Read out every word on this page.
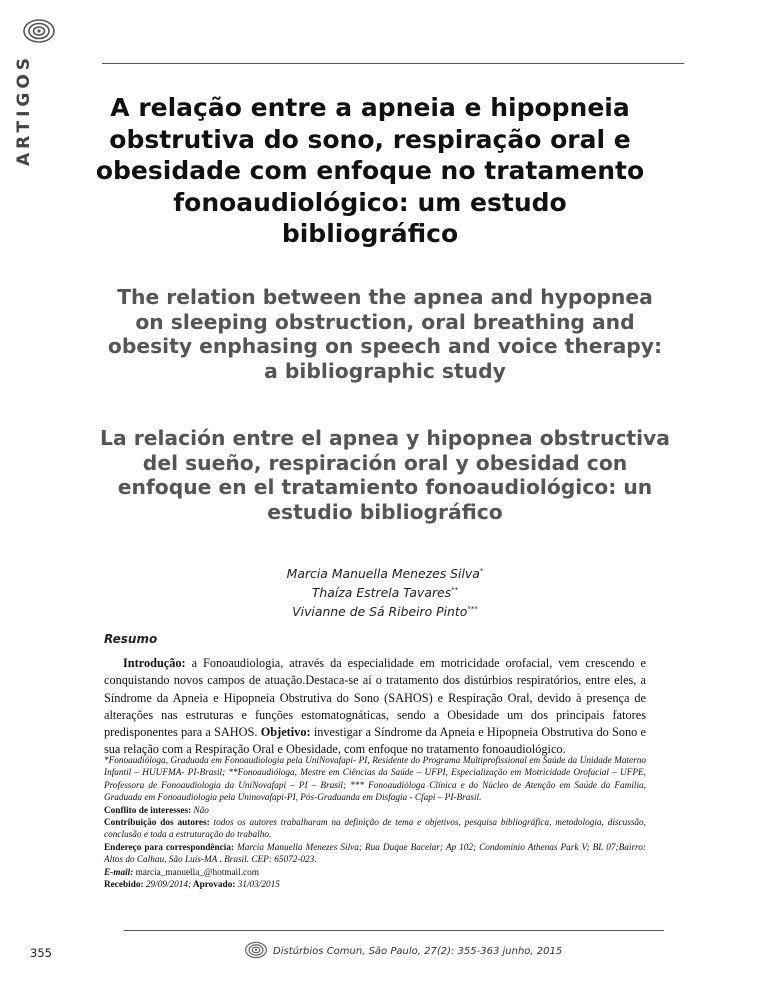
ARTIGOS	A relação entre a apneia e hipopneia obstrutiva do sono, respiração oral e obesidade com enfoque no tratamento fonoaudiológico: um estudo bibliográfico
The relation between the apnea and hypopnea on sleeping obstruction, oral breathing and obesity enphasing on speech and voice therapy: a bibliographic study
La relación entre el apnea y hipopnea obstructiva del sueño, respiración oral y obesidad con enfoque en el tratamiento fonoaudiológico: un estudio bibliográfico
Marcia Manuella Menezes Silva*
Thaíza Estrela Tavares**
Vivianne de Sá Ribeiro Pinto***
Resumo

Introdução: a Fonoaudiologia, através da especialidade em motricidade orofacial, vem crescendo e conquistando novos campos de atuação.Destaca-se aí o tratamento dos distúrbios respiratórios, entre eles, a Síndrome da Apneia e Hipopneia Obstrutiva do Sono (SAHOS) e Respiração Oral, devido à presença de alterações nas estruturas e funções estomatognáticas, sendo a Obesidade um dos principais fatores predisponentes para a SAHOS. Objetivo: investigar a Síndrome da Apneia e Hipopneia Obstrutiva do Sono e sua relação com a Respiração Oral e Obesidade, com enfoque no tratamento fonoaudiológico.

*Fonoaudióloga, Graduada em Fonoaudiologia pela UniNovafapi- PI, Residente do Programa Multiprofissional em Saúde da Unidade Materno Infantil – HUUFMA- PI-Brasil; **Fonoaudióloga, Mestre em Ciências da Saúde – UFPI, Especialização em Motricidade Orofacial – UFPE, Professora de Fonoaudiologia da UniNovafapi – PI – Brasil; *** Fonoaudióloga Clínica e do Núcleo de Atenção em Saúde da Família, Graduada em Fonoaudiologia pela Uninovafapi-PI, Pós-Graduanda em Disfagia - Cfapi – PI-Brasil.

Conflito de interesses: Não

Contribuição dos autores: todos os autores trabalharam na definição de tema e objetivos, pesquisa bibliográfica, metodologia, discussão, conclusão e toda a estruturação do trabalho.

Endereço para correspondência: Marcia Manuella Menezes Silva; Rua Duque Bacelar; Ap 102; Condomínio Athenas Park V; BL 07;Bairro: Altos do Calhau, São Luís-MA . Brasil. CEP: 65072-023.

E-mail: marcia_manuella_@hotmail.com

Recebido: 29/09/2014; Aprovado: 31/03/2015

355	Distúrbios Comun, São Paulo, 27(2): 355-363 junho, 2015
